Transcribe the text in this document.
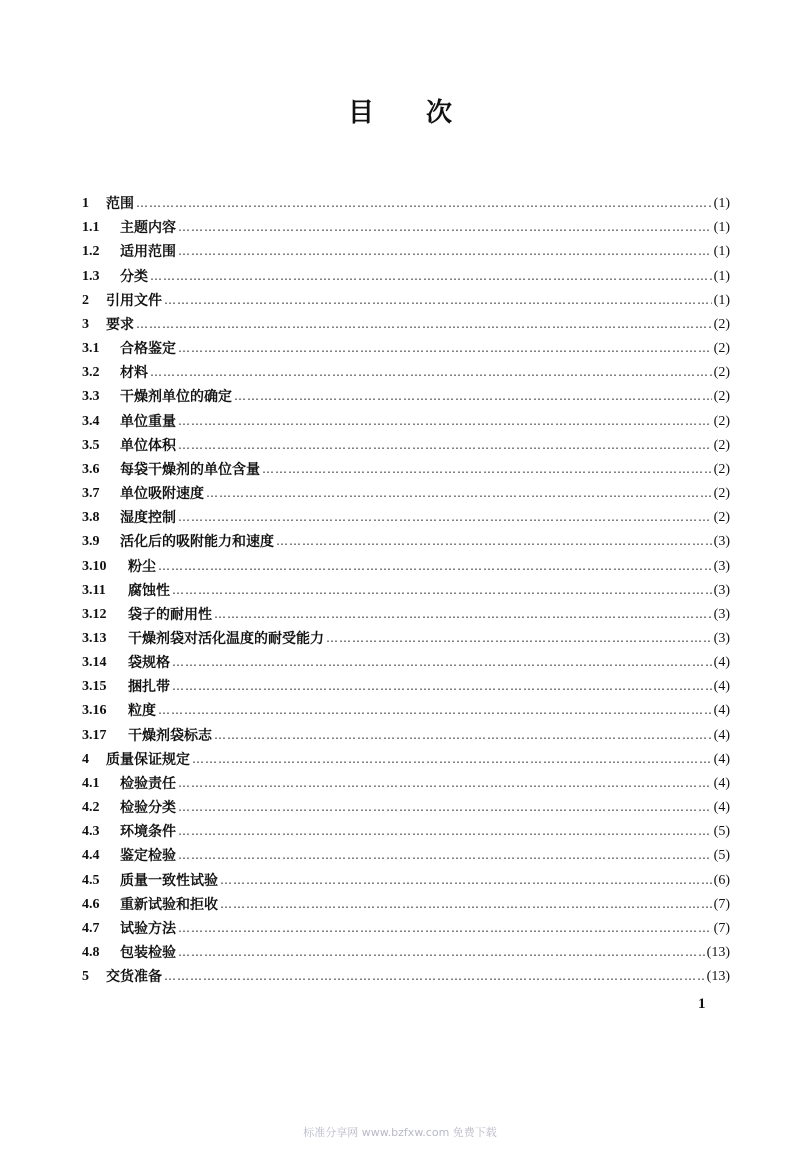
目 次
1	范围 ……………………………………………………………………………………………………………………………………………………………………………………………………………	(1)
1.1	主题内容 ……………………………………………………………………………………………………………………………………………………………………………………………………………	(1)
1.2	适用范围 ……………………………………………………………………………………………………………………………………………………………………………………………………………	(1)
1.3	分类 ……………………………………………………………………………………………………………………………………………………………………………………………………………	(1)
2	引用文件 ……………………………………………………………………………………………………………………………………………………………………………………………………………	(1)
3	要求 ……………………………………………………………………………………………………………………………………………………………………………………………………………	(2)
3.1	合格鉴定 ……………………………………………………………………………………………………………………………………………………………………………………………………………	(2)
3.2	材料 ……………………………………………………………………………………………………………………………………………………………………………………………………………	(2)
3.3	干燥剂单位的确定 ……………………………………………………………………………………………………………………………………………………………………………………………………………	(2)
3.4	单位重量 ……………………………………………………………………………………………………………………………………………………………………………………………………………	(2)
3.5	单位体积 ……………………………………………………………………………………………………………………………………………………………………………………………………………	(2)
3.6	每袋干燥剂的单位含量 ……………………………………………………………………………………………………………………………………………………………………………………………………………	(2)
3.7	单位吸附速度 ……………………………………………………………………………………………………………………………………………………………………………………………………………	(2)
3.8	湿度控制 ……………………………………………………………………………………………………………………………………………………………………………………………………………	(2)
3.9	活化后的吸附能力和速度 ……………………………………………………………………………………………………………………………………………………………………………………………………………	(3)
3.10	粉尘 ……………………………………………………………………………………………………………………………………………………………………………………………………………	(3)
3.11	腐蚀性 ……………………………………………………………………………………………………………………………………………………………………………………………………………	(3)
3.12	袋子的耐用性 ……………………………………………………………………………………………………………………………………………………………………………………………………………	(3)
3.13	干燥剂袋对活化温度的耐受能力 ……………………………………………………………………………………………………………………………………………………………………………………………………………	(3)
3.14	袋规格 ……………………………………………………………………………………………………………………………………………………………………………………………………………	(4)
3.15	捆扎带 ……………………………………………………………………………………………………………………………………………………………………………………………………………	(4)
3.16	粒度 ……………………………………………………………………………………………………………………………………………………………………………………………………………	(4)
3.17	干燥剂袋标志 ……………………………………………………………………………………………………………………………………………………………………………………………………………	(4)
4	质量保证规定 ……………………………………………………………………………………………………………………………………………………………………………………………………………	(4)
4.1	检验责任 ……………………………………………………………………………………………………………………………………………………………………………………………………………	(4)
4.2	检验分类 ……………………………………………………………………………………………………………………………………………………………………………………………………………	(4)
4.3	环境条件 ……………………………………………………………………………………………………………………………………………………………………………………………………………	(5)
4.4	鉴定检验 ……………………………………………………………………………………………………………………………………………………………………………………………………………	(5)
4.5	质量一致性试验 ……………………………………………………………………………………………………………………………………………………………………………………………………………	(6)
4.6	重新试验和拒收 ……………………………………………………………………………………………………………………………………………………………………………………………………………	(7)
4.7	试验方法 ……………………………………………………………………………………………………………………………………………………………………………………………………………	(7)
4.8	包装检验 ……………………………………………………………………………………………………………………………………………………………………………………………………………	(13)
5	交货准备 ……………………………………………………………………………………………………………………………………………………………………………………………………………	(13)

1

标准分享网 www.bzfxw.com 免费下载
